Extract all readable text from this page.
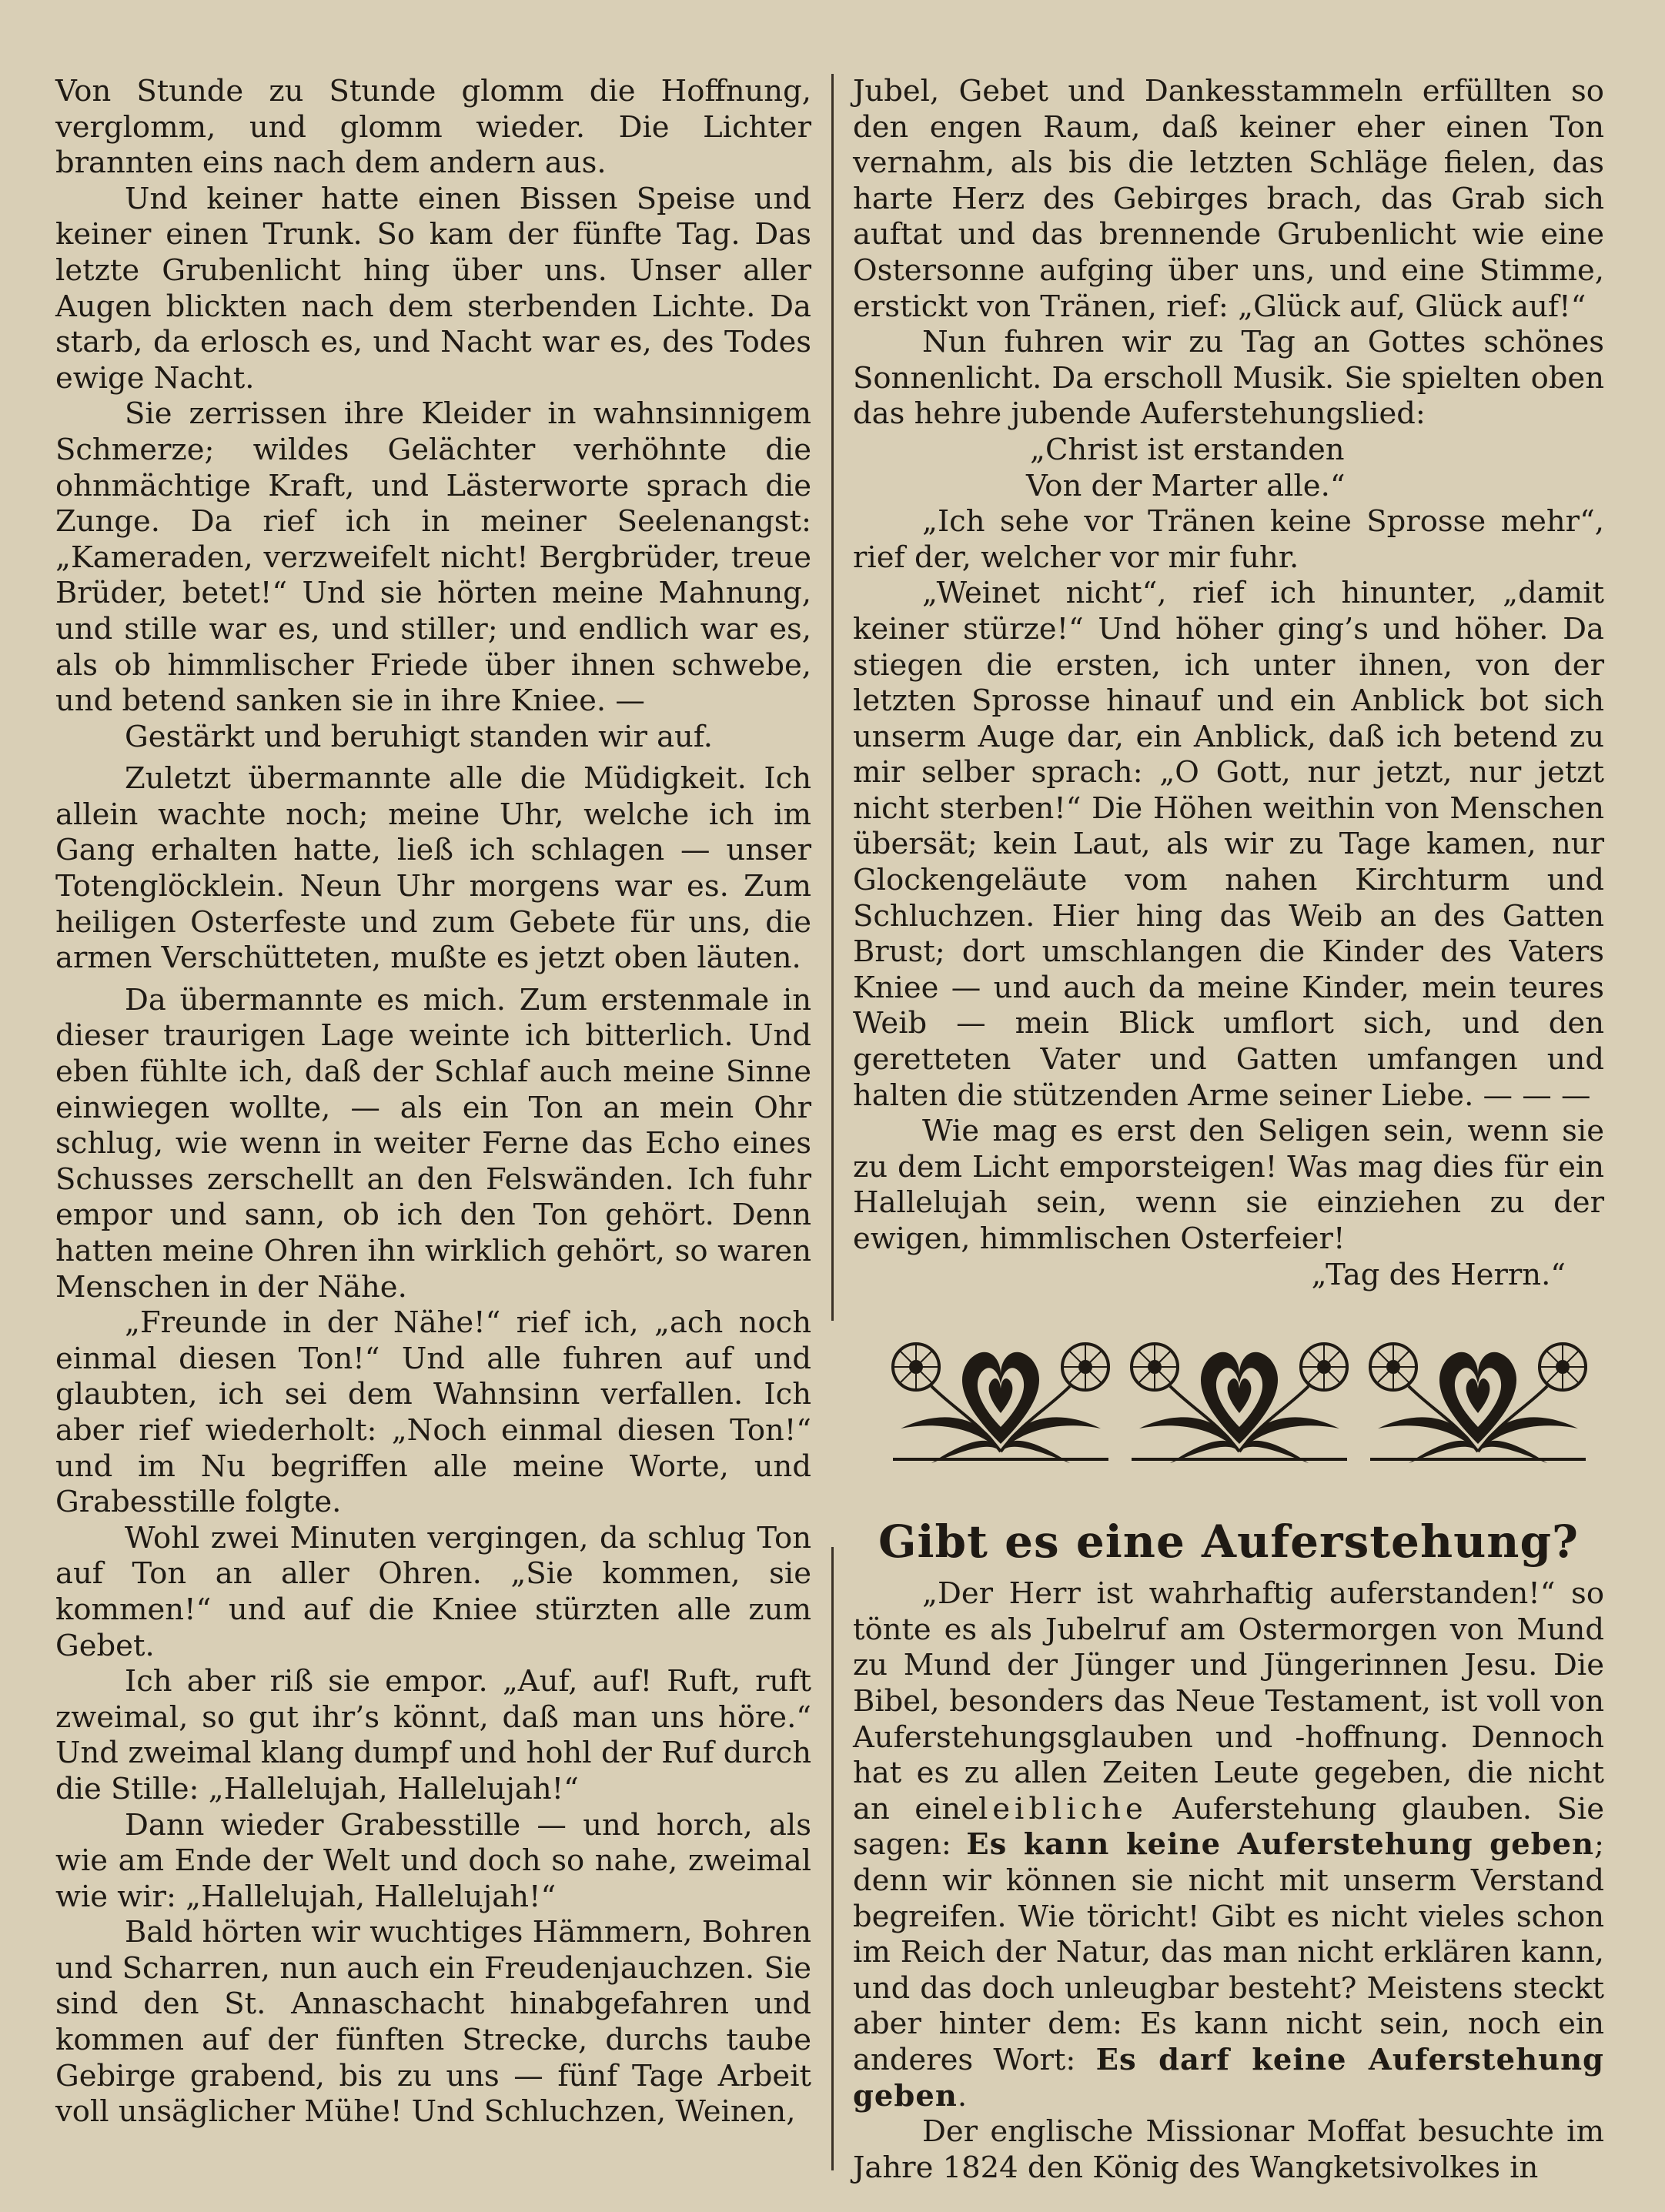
Von Stunde zu Stunde glomm die Hoffnung, verglomm, und glomm wieder. Die Lichter brannten eins nach dem andern aus.

Und keiner hatte einen Bissen Speise und keiner einen Trunk. So kam der fünfte Tag. Das letzte Grubenlicht hing über uns. Unser aller Augen blickten nach dem sterbenden Lichte. Da starb, da erlosch es, und Nacht war es, des Todes ewige Nacht.

Sie zerrissen ihre Kleider in wahnsinnigem Schmerze; wildes Gelächter verhöhnte die ohnmächtige Kraft, und Lästerworte sprach die Zunge. Da rief ich in meiner Seelenangst: „Kameraden, verzweifelt nicht! Bergbrüder, treue Brüder, betet!“ Und sie hörten meine Mahnung, und stille war es, und stiller; und endlich war es, als ob himmlischer Friede über ihnen schwebe, und betend sanken sie in ihre Kniee. —

Gestärkt und beruhigt standen wir auf.

Zuletzt übermannte alle die Müdigkeit. Ich allein wachte noch; meine Uhr, welche ich im Gang erhalten hatte, ließ ich schlagen — unser Totenglöcklein. Neun Uhr morgens war es. Zum heiligen Osterfeste und zum Gebete für uns, die armen Verschütteten, mußte es jetzt oben läuten.

Da übermannte es mich. Zum erstenmale in dieser traurigen Lage weinte ich bitterlich. Und eben fühlte ich, daß der Schlaf auch meine Sinne einwiegen wollte, — als ein Ton an mein Ohr schlug, wie wenn in weiter Ferne das Echo eines Schusses zerschellt an den Felswänden. Ich fuhr empor und sann, ob ich den Ton gehört. Denn hatten meine Ohren ihn wirklich gehört, so waren Menschen in der Nähe.

„Freunde in der Nähe!“ rief ich, „ach noch einmal diesen Ton!“ Und alle fuhren auf und glaubten, ich sei dem Wahnsinn verfallen. Ich aber rief wiederholt: „Noch einmal diesen Ton!“ und im Nu begriffen alle meine Worte, und Grabesstille folgte.

Wohl zwei Minuten vergingen, da schlug Ton auf Ton an aller Ohren. „Sie kommen, sie kommen!“ und auf die Kniee stürzten alle zum Gebet.

Ich aber riß sie empor. „Auf, auf! Ruft, ruft zweimal, so gut ihr’s könnt, daß man uns höre.“ Und zweimal klang dumpf und hohl der Ruf durch die Stille: „Hallelujah, Hallelujah!“

Dann wieder Grabesstille — und horch, als wie am Ende der Welt und doch so nahe, zweimal wie wir: „Hallelujah, Hallelujah!“

Bald hörten wir wuchtiges Hämmern, Bohren und Scharren, nun auch ein Freudenjauchzen. Sie sind den St. Annaschacht hinabgefahren und kommen auf der fünften Strecke, durchs taube Gebirge grabend, bis zu uns — fünf Tage Arbeit voll unsäglicher Mühe! Und Schluchzen, Weinen,

Jubel, Gebet und Dankesstammeln erfüllten so den engen Raum, daß keiner eher einen Ton vernahm, als bis die letzten Schläge fielen, das harte Herz des Gebirges brach, das Grab sich auftat und das brennende Grubenlicht wie eine Ostersonne aufging über uns, und eine Stimme, erstickt von Tränen, rief: „Glück auf, Glück auf!“

Nun fuhren wir zu Tag an Gottes schönes Sonnenlicht. Da erscholl Musik. Sie spielten oben das hehre jubende Auferstehungslied:

„Christ ist erstanden

Von der Marter alle.“

„Ich sehe vor Tränen keine Sprosse mehr“, rief der, welcher vor mir fuhr.

„Weinet nicht“, rief ich hinunter, „damit keiner stürze!“ Und höher ging’s und höher. Da stiegen die ersten, ich unter ihnen, von der letzten Sprosse hinauf und ein Anblick bot sich unserm Auge dar, ein Anblick, daß ich betend zu mir selber sprach: „O Gott, nur jetzt, nur jetzt nicht sterben!“ Die Höhen weithin von Menschen übersät; kein Laut, als wir zu Tage kamen, nur Glockengeläute vom nahen Kirchturm und Schluchzen. Hier hing das Weib an des Gatten Brust; dort umschlangen die Kinder des Vaters Kniee — und auch da meine Kinder, mein teures Weib — mein Blick umflort sich, und den geretteten Vater und Gatten umfangen und halten die stützenden Arme seiner Liebe. — — —

Wie mag es erst den Seligen sein, wenn sie zu dem Licht emporsteigen! Was mag dies für ein Hallelujah sein, wenn sie einziehen zu der ewigen, himmlischen Osterfeier!

„Tag des Herrn.“

Gibt es eine Auferstehung?

„Der Herr ist wahrhaftig auferstanden!“ so tönte es als Jubelruf am Ostermorgen von Mund zu Mund der Jünger und Jüngerinnen Jesu. Die Bibel, besonders das Neue Testament, ist voll von Auferstehungsglauben und -hoffnung. Dennoch hat es zu allen Zeiten Leute gegeben, die nicht an eineleibliche Auferstehung glauben. Sie sagen: Es kann keine Auferstehung geben; denn wir können sie nicht mit unserm Verstand begreifen. Wie töricht! Gibt es nicht vieles schon im Reich der Natur, das man nicht erklären kann, und das doch unleugbar besteht? Meistens steckt aber hinter dem: Es kann nicht sein, noch ein anderes Wort: Es darf keine Auferstehung geben.

Der englische Missionar Moffat besuchte im Jahre 1824 den König des Wangketsivolkes in
